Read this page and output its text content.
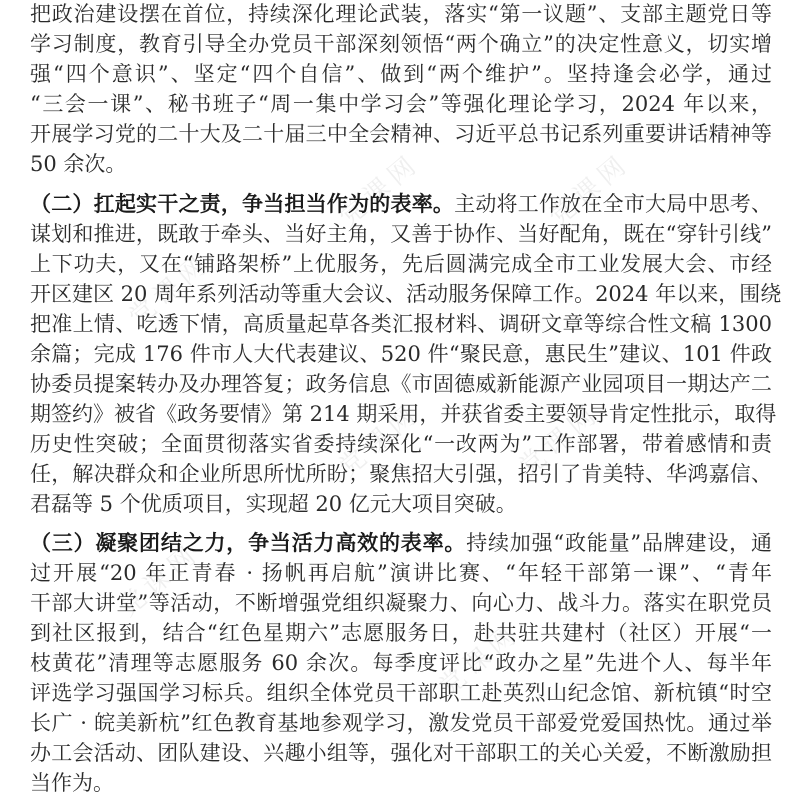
党课网	党课网
党课网
党课网	党课网
党课网
党课网
把政治建设摆在首位，持续深化理论武装，落实“第一议题”、支部主题党日等
学习制度，教育引导全办党员干部深刻领悟“两个确立”的决定性意义，切实增
强“四个意识”、坚定“四个自信”、做到“两个维护”。坚持逢会必学，通过
“三会一课”、秘书班子“周一集中学习会”等强化理论学习，2024 年以来，
开展学习党的二十大及二十届三中全会精神、习近平总书记系列重要讲话精神等
50 余次。
（二）扛起实干之责，争当担当作为的表率。主动将工作放在全市大局中思考、
谋划和推进，既敢于牵头、当好主角，又善于协作、当好配角，既在“穿针引线”
上下功夫，又在“铺路架桥”上优服务，先后圆满完成全市工业发展大会、市经
开区建区 20 周年系列活动等重大会议、活动服务保障工作。2024 年以来，围绕
把准上情、吃透下情，高质量起草各类汇报材料、调研文章等综合性文稿 1300
余篇；完成 176 件市人大代表建议、520 件“聚民意，惠民生”建议、101 件政
协委员提案转办及办理答复；政务信息《市固德威新能源产业园项目一期达产二
期签约》被省《政务要情》第 214 期采用，并获省委主要领导肯定性批示，取得
历史性突破；全面贯彻落实省委持续深化“一改两为”工作部署，带着感情和责
任，解决群众和企业所思所忧所盼；聚焦招大引强，招引了肯美特、华鸿嘉信、
君磊等 5 个优质项目，实现超 20 亿元大项目突破。
（三）凝聚团结之力，争当活力高效的表率。持续加强“政能量”品牌建设，通
过开展“20 年正青春 · 扬帆再启航”演讲比赛、“年轻干部第一课”、“青年
干部大讲堂”等活动，不断增强党组织凝聚力、向心力、战斗力。落实在职党员
到社区报到，结合“红色星期六”志愿服务日，赴共驻共建村（社区）开展“一
枝黄花”清理等志愿服务 60 余次。每季度评比“政办之星”先进个人、每半年
评选学习强国学习标兵。组织全体党员干部职工赴英烈山纪念馆、新杭镇“时空
长广 · 皖美新杭”红色教育基地参观学习，激发党员干部爱党爱国热忱。通过举
办工会活动、团队建设、兴趣小组等，强化对干部职工的关心关爱，不断激励担
当作为。
